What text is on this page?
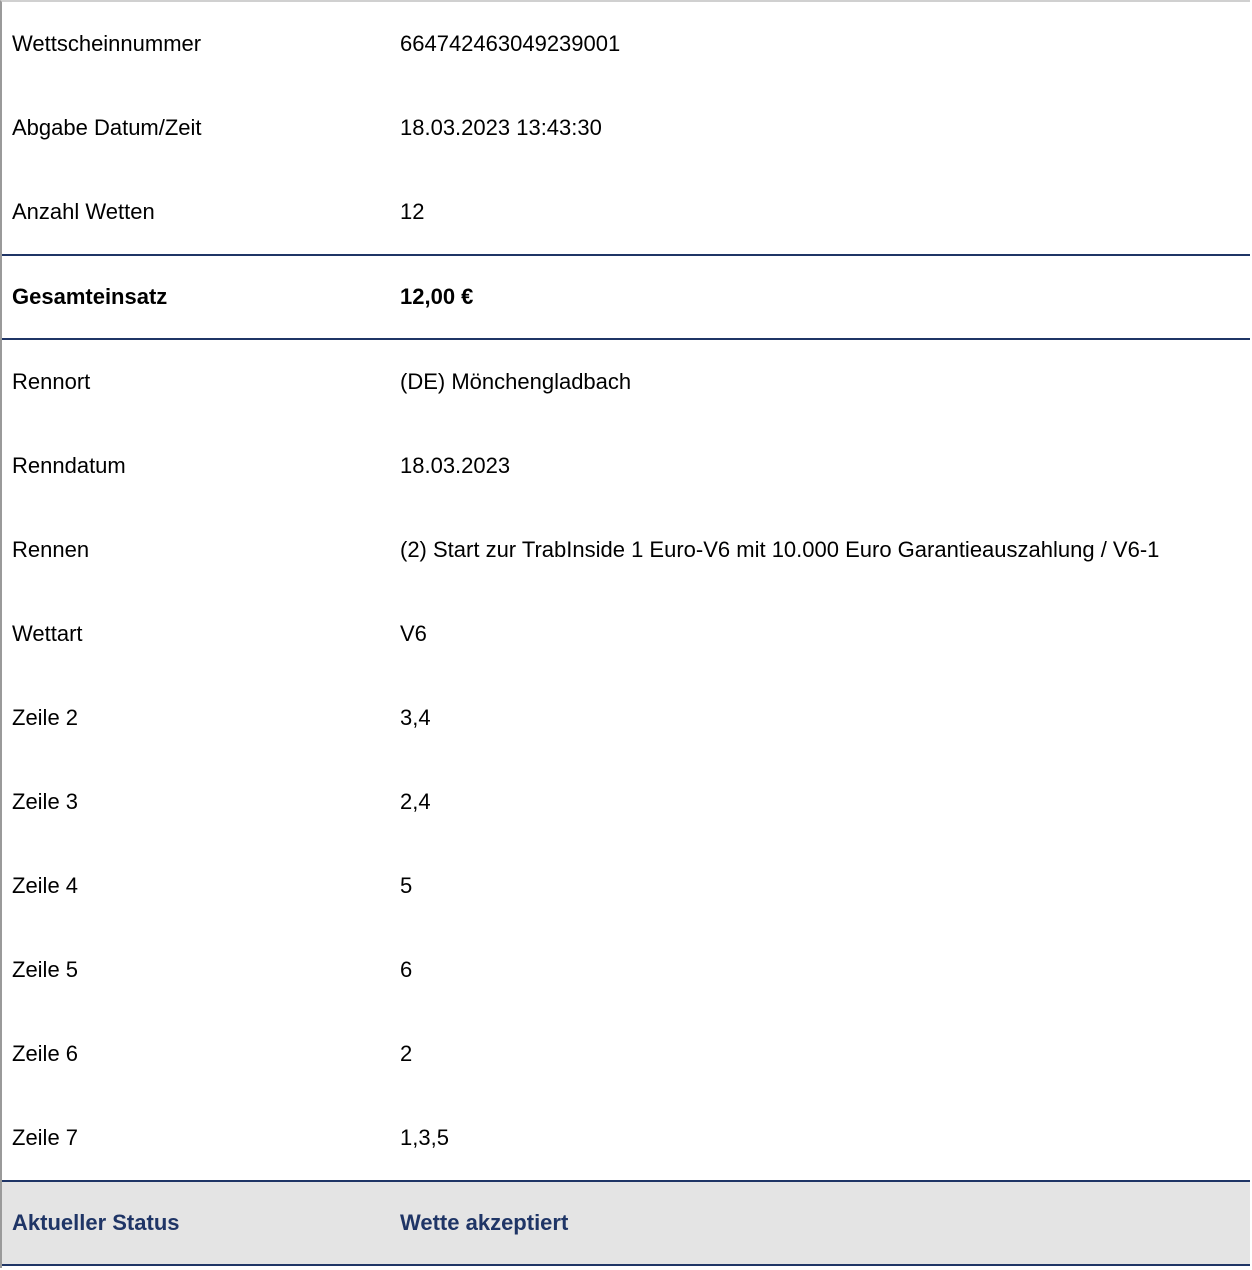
Wettscheinnummer	664742463049239001
Abgabe Datum/Zeit	18.03.2023 13:43:30
Anzahl Wetten	12
Gesamteinsatz	12,00 €
Rennort	(DE) Mönchengladbach
Renndatum	18.03.2023
Rennen	(2) Start zur TrabInside 1 Euro-V6 mit 10.000 Euro Garantieauszahlung / V6-1
Wettart	V6
Zeile 2	3,4
Zeile 3	2,4
Zeile 4	5
Zeile 5	6
Zeile 6	2
Zeile 7	1,3,5
Aktueller Status	Wette akzeptiert
